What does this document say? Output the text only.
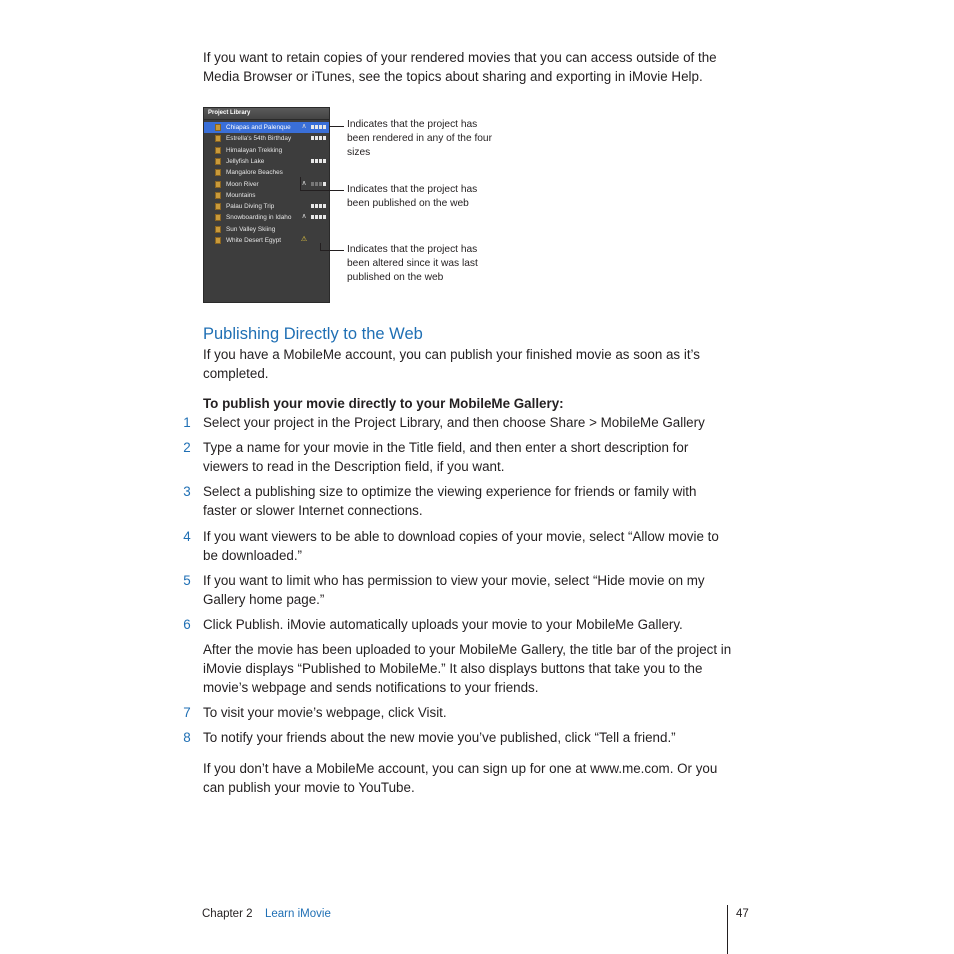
If you want to retain copies of your rendered movies that you can access outside of the Media Browser or iTunes, see the topics about sharing and exporting in iMovie Help.

Project Library
Chiapas and Palenque ∧
Estrella's 54th Birthday
Himalayan Trekking
Jellyfish Lake
Mangalore Beaches
Moon River	∧
Mountains
Palau Diving Trip
Snowboarding in Idaho ∧
Sun Valley Skiing
White Desert Egypt	⚠

Indicates that the project has been rendered in any of the four sizes

Indicates that the project has been published on the web

Indicates that the project has been altered since it was last published on the web

Publishing Directly to the Web

If you have a MobileMe account, you can publish your finished movie as soon as it’s completed.

To publish your movie directly to your MobileMe Gallery:

1 Select your project in the Project Library, and then choose Share > MobileMe Gallery

2 Type a name for your movie in the Title field, and then enter a short description for viewers to read in the Description field, if you want.

3 Select a publishing size to optimize the viewing experience for friends or family with faster or slower Internet connections.

4 If you want viewers to be able to download copies of your movie, select “Allow movie to be downloaded.”

5 If you want to limit who has permission to view your movie, select “Hide movie on my Gallery home page.”

6 Click Publish. iMovie automatically uploads your movie to your MobileMe Gallery.

After the movie has been uploaded to your MobileMe Gallery, the title bar of the project in iMovie displays “Published to MobileMe.” It also displays buttons that take you to the movie’s webpage and sends notifications to your friends.

7 To visit your movie’s webpage, click Visit.

8 To notify your friends about the new movie you’ve published, click “Tell a friend.”

If you don’t have a MobileMe account, you can sign up for one at www.me.com. Or you can publish your movie to YouTube.

Chapter 2 Learn iMovie	47
